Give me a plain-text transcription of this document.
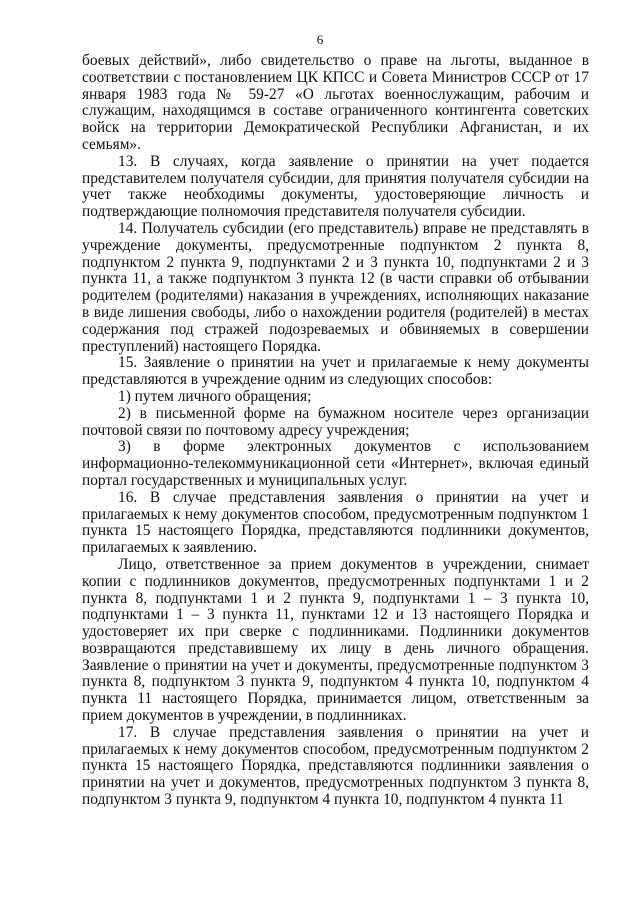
6

боевых действий», либо свидетельство о праве на льготы, выданное в соответствии с постановлением ЦК КПСС и Совета Министров СССР от 17 января 1983 года № 59-27 «О льготах военнослужащим, рабочим и служащим, находящимся в составе ограниченного контингента советских войск на территории Демократической Республики Афганистан, и их семьям».

13. В случаях, когда заявление о принятии на учет подается представителем получателя субсидии, для принятия получателя субсидии на учет также необходимы документы, удостоверяющие личность и подтверждающие полномочия представителя получателя субсидии.

14. Получатель субсидии (его представитель) вправе не представлять в учреждение документы, предусмотренные подпунктом 2 пункта 8, подпунктом 2 пункта 9, подпунктами 2 и 3 пункта 10, подпунктами 2 и 3 пункта 11, а также подпунктом 3 пункта 12 (в части справки об отбывании родителем (родителями) наказания в учреждениях, исполняющих наказание в виде лишения свободы, либо о нахождении родителя (родителей) в местах содержания под стражей подозреваемых и обвиняемых в совершении преступлений) настоящего Порядка.

15. Заявление о принятии на учет и прилагаемые к нему документы представляются в учреждение одним из следующих способов:

1) путем личного обращения;

2) в письменной форме на бумажном носителе через организации почтовой связи по почтовому адресу учреждения;

3) в форме электронных документов с использованием информационно-телекоммуникационной сети «Интернет», включая единый портал государственных и муниципальных услуг.

16. В случае представления заявления о принятии на учет и прилагаемых к нему документов способом, предусмотренным подпунктом 1 пункта 15 настоящего Порядка, представляются подлинники документов, прилагаемых к заявлению.

Лицо, ответственное за прием документов в учреждении, снимает копии с подлинников документов, предусмотренных подпунктами 1 и 2 пункта 8, подпунктами 1 и 2 пункта 9, подпунктами 1 – 3 пункта 10, подпунктами 1 – 3 пункта 11, пунктами 12 и 13 настоящего Порядка и удостоверяет их при сверке с подлинниками. Подлинники документов возвращаются представившему их лицу в день личного обращения. Заявление о принятии на учет и документы, предусмотренные подпунктом 3 пункта 8, подпунктом 3 пункта 9, подпунктом 4 пункта 10, подпунктом 4 пункта 11 настоящего Порядка, принимается лицом, ответственным за прием документов в учреждении, в подлинниках.

17. В случае представления заявления о принятии на учет и прилагаемых к нему документов способом, предусмотренным подпунктом 2 пункта 15 настоящего Порядка, представляются подлинники заявления о принятии на учет и документов, предусмотренных подпунктом 3 пункта 8, подпунктом 3 пункта 9, подпунктом 4 пункта 10, подпунктом 4 пункта 11
